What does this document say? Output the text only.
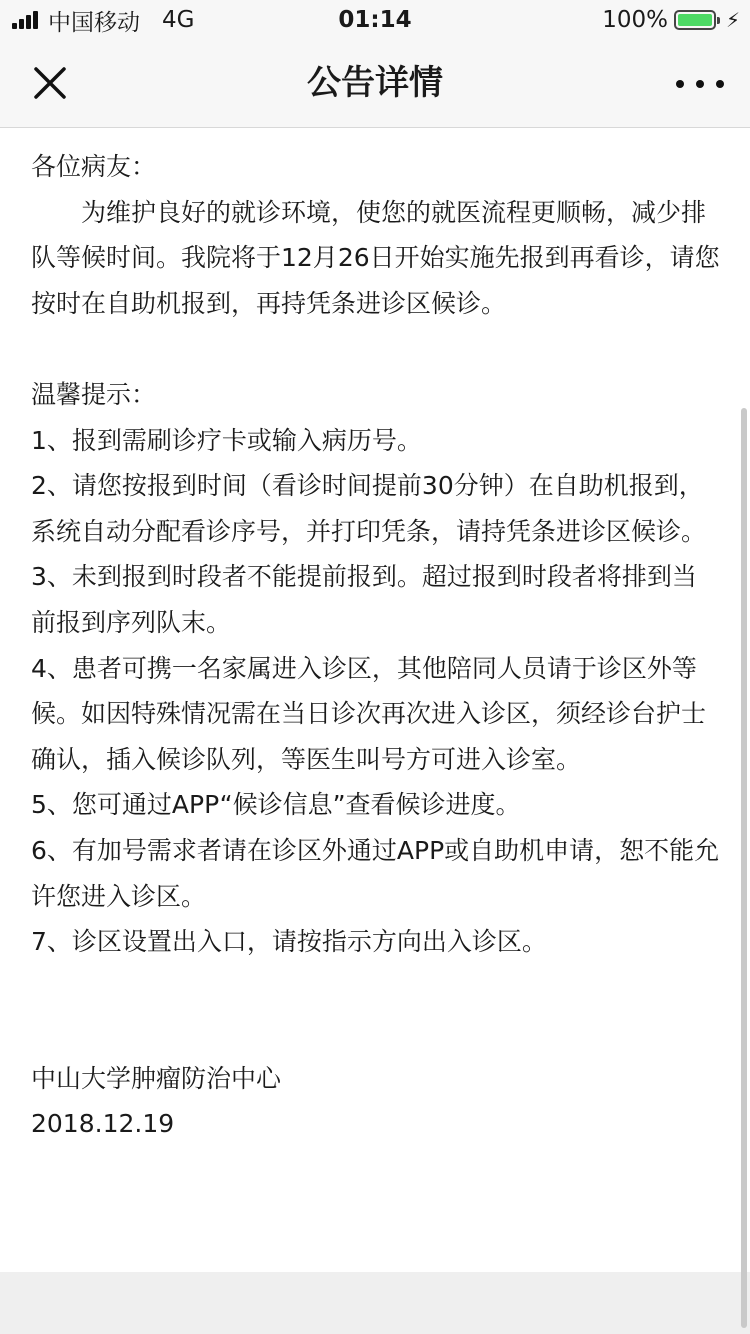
中国移动 4G	01:14	100%	⚡
公告详情

各位病友：

为维护良好的就诊环境，使您的就医流程更顺畅，减少排队等候时间。我院将于12月26日开始实施先报到再看诊，请您按时在自助机报到，再持凭条进诊区候诊。

温馨提示：

1、报到需刷诊疗卡或输入病历号。

2、请您按报到时间（看诊时间提前30分钟）在自助机报到，系统自动分配看诊序号，并打印凭条，请持凭条进诊区候诊。

3、未到报到时段者不能提前报到。超过报到时段者将排到当前报到序列队末。

4、患者可携一名家属进入诊区，其他陪同人员请于诊区外等候。如因特殊情况需在当日诊次再次进入诊区，须经诊台护士确认，插入候诊队列，等医生叫号方可进入诊室。

5、您可通过APP“候诊信息”查看候诊进度。

6、有加号需求者请在诊区外通过APP或自助机申请，恕不能允许您进入诊区。

7、诊区设置出入口，请按指示方向出入诊区。

中山大学肿瘤防治中心

2018.12.19
